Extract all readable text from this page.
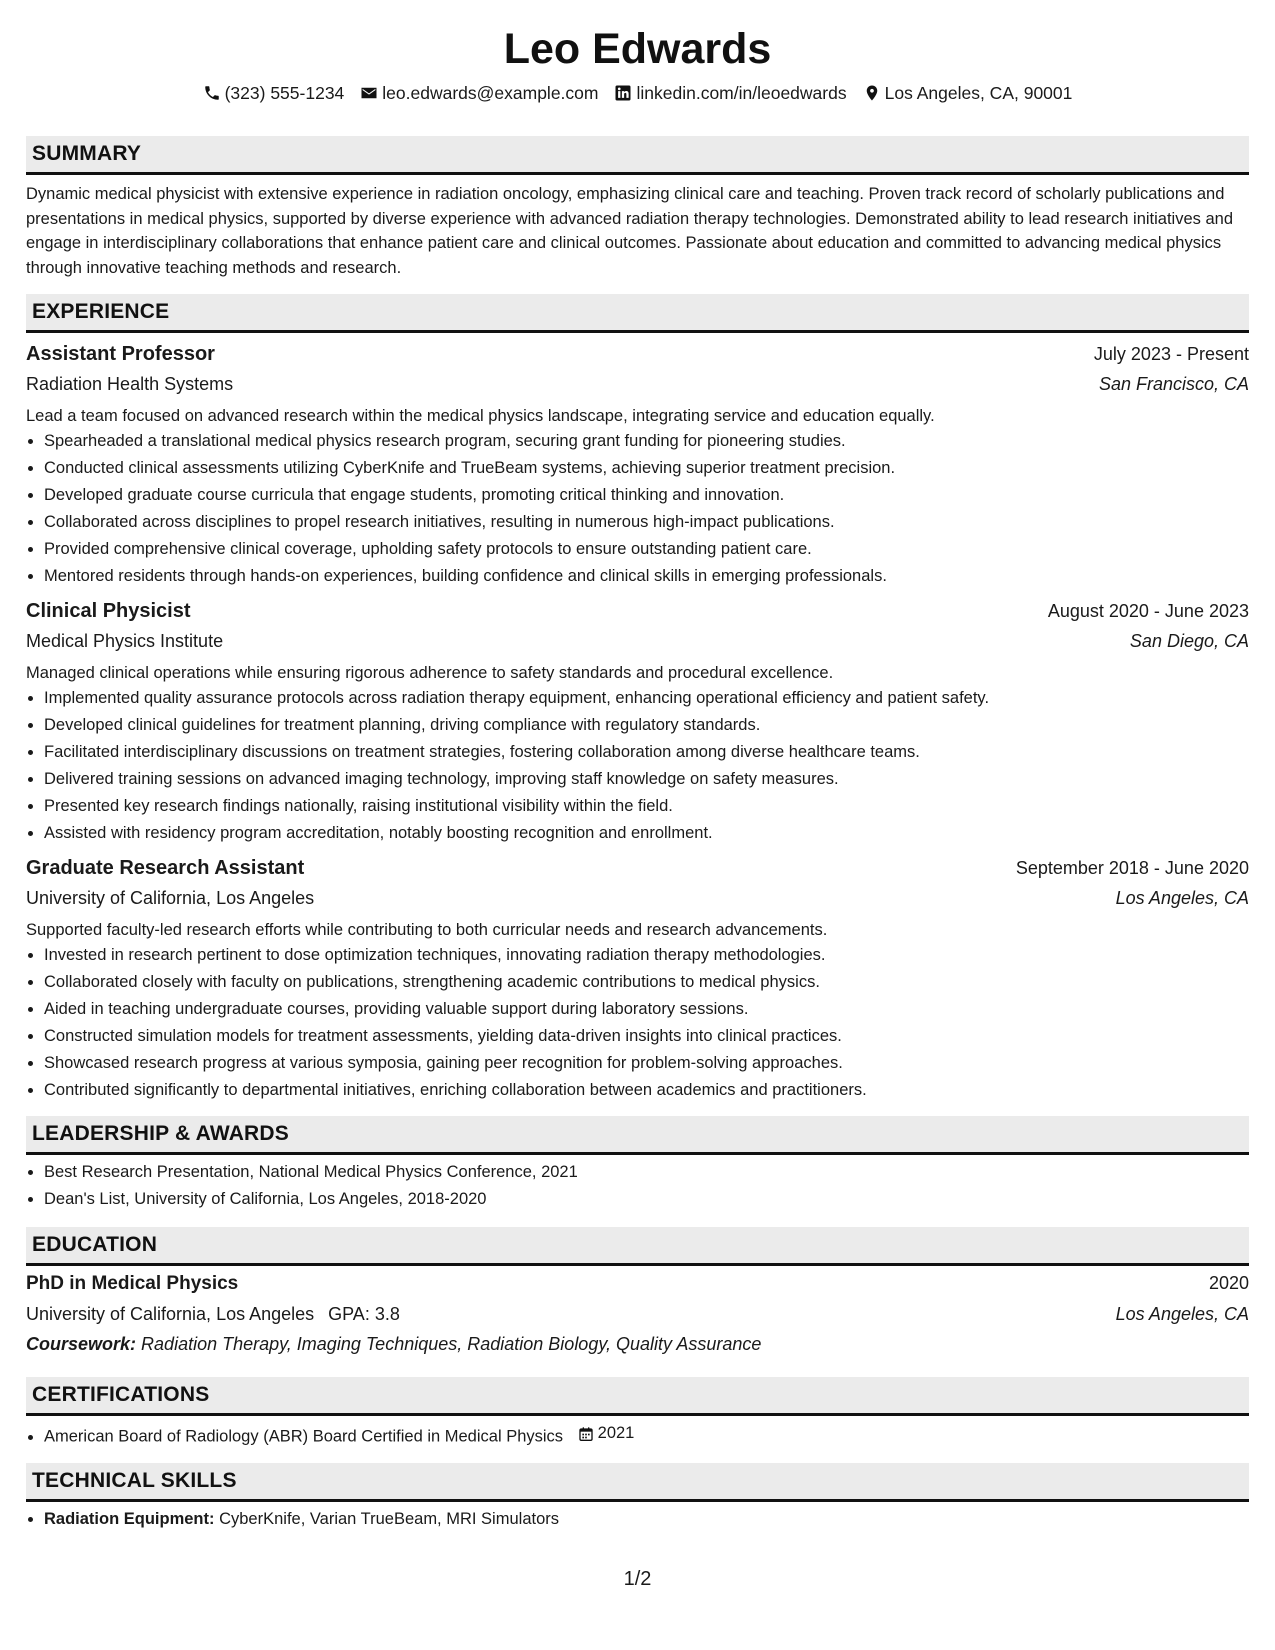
Leo Edwards
(323) 555-1234 leo.edwards@example.com linkedin.com/in/leoedwards Los Angeles, CA, 90001
SUMMARY
Dynamic medical physicist with extensive experience in radiation oncology, emphasizing clinical care and teaching. Proven track record of scholarly publications and presentations in medical physics, supported by diverse experience with advanced radiation therapy technologies. Demonstrated ability to lead research initiatives and engage in interdisciplinary collaborations that enhance patient care and clinical outcomes. Passionate about education and committed to advancing medical physics through innovative teaching methods and research.
EXPERIENCE
Assistant Professor	July 2023 - Present
Radiation Health Systems	San Francisco, CA
Lead a team focused on advanced research within the medical physics landscape, integrating service and education equally.
• Spearheaded a translational medical physics research program, securing grant funding for pioneering studies.
• Conducted clinical assessments utilizing CyberKnife and TrueBeam systems, achieving superior treatment precision.
• Developed graduate course curricula that engage students, promoting critical thinking and innovation.
• Collaborated across disciplines to propel research initiatives, resulting in numerous high-impact publications.
• Provided comprehensive clinical coverage, upholding safety protocols to ensure outstanding patient care.
• Mentored residents through hands-on experiences, building confidence and clinical skills in emerging professionals.
Clinical Physicist	August 2020 - June 2023
Medical Physics Institute	San Diego, CA
Managed clinical operations while ensuring rigorous adherence to safety standards and procedural excellence.
• Implemented quality assurance protocols across radiation therapy equipment, enhancing operational efficiency and patient safety.
• Developed clinical guidelines for treatment planning, driving compliance with regulatory standards.
• Facilitated interdisciplinary discussions on treatment strategies, fostering collaboration among diverse healthcare teams.
• Delivered training sessions on advanced imaging technology, improving staff knowledge on safety measures.
• Presented key research findings nationally, raising institutional visibility within the field.
• Assisted with residency program accreditation, notably boosting recognition and enrollment.
Graduate Research Assistant	September 2018 - June 2020
University of California, Los Angeles	Los Angeles, CA
Supported faculty-led research efforts while contributing to both curricular needs and research advancements.
• Invested in research pertinent to dose optimization techniques, innovating radiation therapy methodologies.
• Collaborated closely with faculty on publications, strengthening academic contributions to medical physics.
• Aided in teaching undergraduate courses, providing valuable support during laboratory sessions.
• Constructed simulation models for treatment assessments, yielding data-driven insights into clinical practices.
• Showcased research progress at various symposia, gaining peer recognition for problem-solving approaches.
• Contributed significantly to departmental initiatives, enriching collaboration between academics and practitioners.
LEADERSHIP & AWARDS
• Best Research Presentation, National Medical Physics Conference, 2021
• Dean's List, University of California, Los Angeles, 2018-2020
EDUCATION
PhD in Medical Physics	2020
University of California, Los Angeles GPA: 3.8	Los Angeles, CA
Coursework: Radiation Therapy, Imaging Techniques, Radiation Biology, Quality Assurance
CERTIFICATIONS
• American Board of Radiology (ABR) Board Certified in Medical Physics 2021
TECHNICAL SKILLS
• Radiation Equipment: CyberKnife, Varian TrueBeam, MRI Simulators
1/2
